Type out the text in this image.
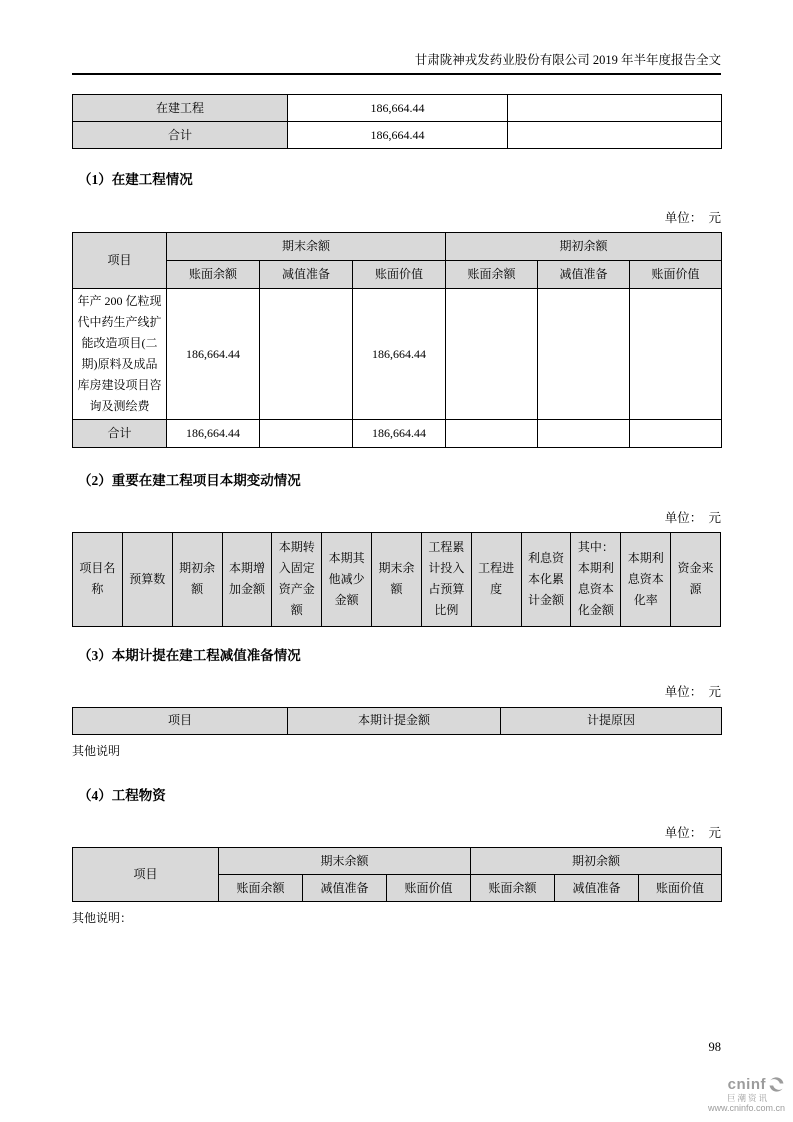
甘肃陇神戎发药业股份有限公司 2019 年半年度报告全文
在建工程	186,664.44	
合计	186,664.44	
（1）在建工程情况
单位：　元
项目	期末余额			期初余额		
	账面余额	减值准备	账面价值	账面余额	减值准备	账面价值
年产 200 亿粒现代中药生产线扩能改造项目(二期)原料及成品库房建设项目咨询及测绘费	186,664.44		186,664.44			
合计	186,664.44		186,664.44			
（2）重要在建工程项目本期变动情况
单位：　元
项目名称	预算数	期初余额	本期增加金额	本期转入固定资产金额	本期其他减少金额	期末余额	工程累计投入占预算比例	工程进度	利息资本化累计金额	其中：本期利息资本化金额	本期利息资本化率	资金来源
（3）本期计提在建工程减值准备情况
单位：　元
项目	本期计提金额	计提原因
其他说明
（4）工程物资
单位：　元
项目	期末余额			期初余额		
	账面余额	减值准备	账面价值	账面余额	减值准备	账面价值
其他说明：
98
cninf
巨潮资讯
www.cninfo.com.cn
